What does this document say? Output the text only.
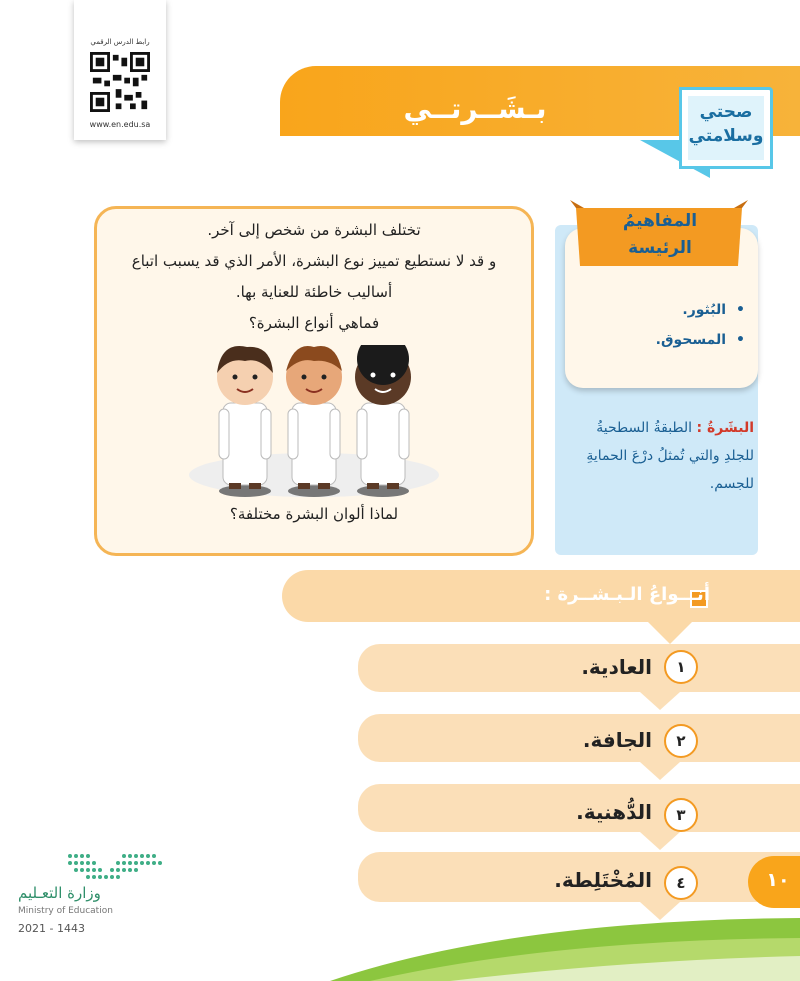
رابط الدرس الرقمي
www.en.edu.sa	بـشَــرتــي	صحتي
وسلامتي
تختلف البشرة من شخص إلى آخر.
و قد لا نستطيع تمييز نوع البشرة، الأمر الذي قد يسبب اتباع
أساليب خاطئة للعناية بها.
فماهي أنواع البشرة؟
لماذا ألوان البشرة مختلفة؟
المفاهيمُ
الرئيسة
• البُثور.
• المسحوق.
البشَرةُ : الطبقةُ السطحيةُ للجلدِ والتي تُمثلُ درْعَ الحمايةِ للجسم.
أنـــواعُ الـبـشــرة :
١
العادية.
٢
الجافة.
٣
الدُّهنية.
٤
المُخْتَلِطة.	١٠
وزارة التعـليم
Ministry of Education
2021 - 1443
